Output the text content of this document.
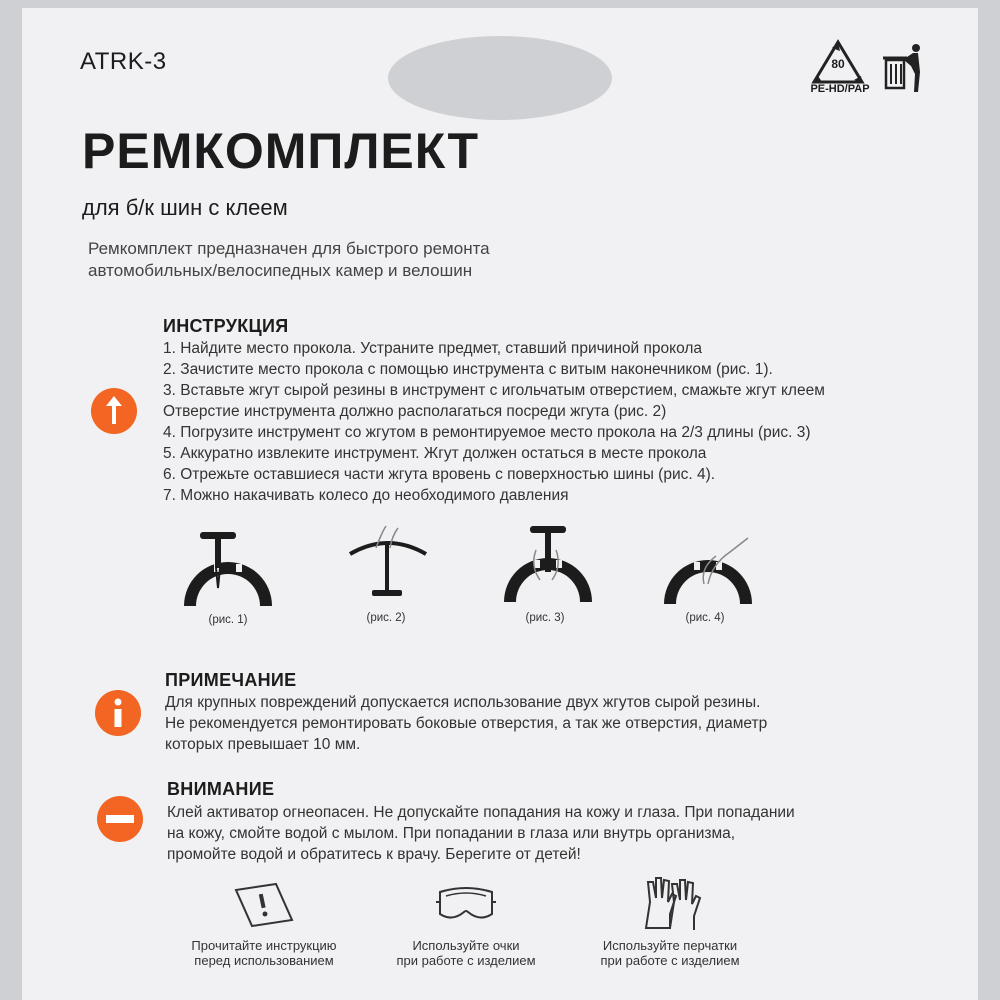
ATRK-3	80
PE-HD/PAP
РЕМКОМПЛЕКТ
для б/к шин с клеем
Ремкомплект предназначен для быстрого ремонта
автомобильных/велосипедных камер и велошин
ИНСТРУКЦИЯ
1. Найдите место прокола. Устраните предмет, ставший причиной прокола
2. Зачистите место прокола с помощью инструмента с витым наконечником (рис. 1).
3. Вставьте жгут сырой резины в инструмент с игольчатым отверстием, смажьте жгут клеем
Отверстие инструмента должно располагаться посреди жгута (рис. 2)
4. Погрузите инструмент со жгутом в ремонтируемое место прокола на 2/3 длины (рис. 3)
5. Аккуратно извлеките инструмент. Жгут должен остаться в месте прокола
6. Отрежьте оставшиеся части жгута вровень с поверхностью шины (рис. 4).
7. Можно накачивать колесо до необходимого давления
(рис. 1)	(рис. 2)	(рис. 3)	(рис. 4)
ПРИМЕЧАНИЕ
Для крупных повреждений допускается использование двух жгутов сырой резины.
Не рекомендуется ремонтировать боковые отверстия, а так же отверстия, диаметр
которых превышает 10 мм.
ВНИМАНИЕ
Клей активатор огнеопасен. Не допускайте попадания на кожу и глаза. При попадании
на кожу, смойте водой с мылом. При попадании в глаза или внутрь организма,
промойте водой и обратитесь к врачу. Берегите от детей!
Прочитайте инструкцию
перед использованием
Используйте очки
при работе с изделием
Используйте перчатки
при работе с изделием
